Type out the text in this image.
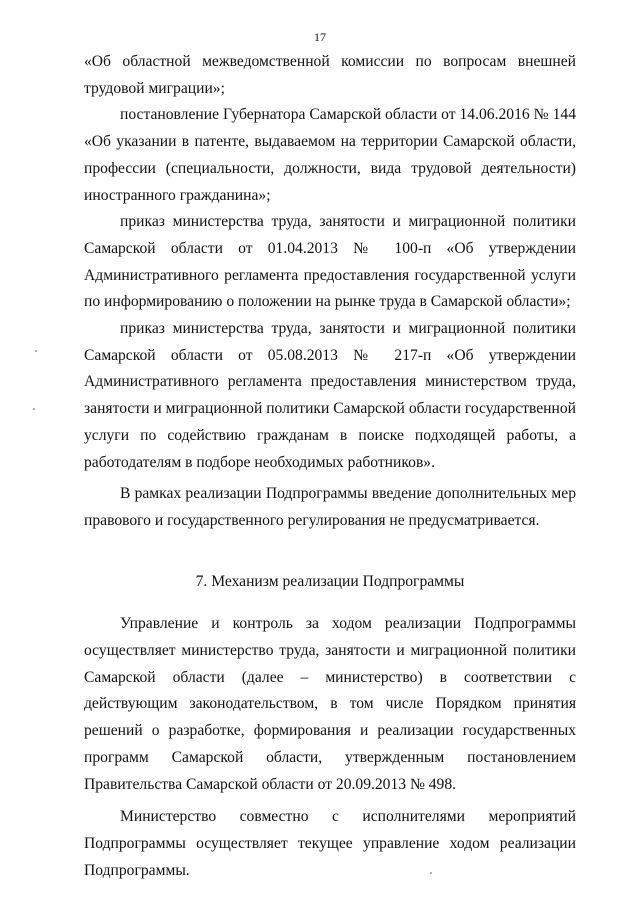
17

«Об областной межведомственной комиссии по вопросам внешней трудовой миграции»;

постановление Губернатора Самарской области от 14.06.2016 № 144 «Об указании в патенте, выдаваемом на территории Самарской области, профессии (специальности, должности, вида трудовой деятельности) иностранного гражданина»;

приказ министерства труда, занятости и миграционной политики Самарской области от 01.04.2013 № 100-п «Об утверждении Административного регламента предоставления государственной услуги по информированию о положении на рынке труда в Самарской области»;

приказ министерства труда, занятости и миграционной политики Самарской области от 05.08.2013 № 217-п «Об утверждении Административного регламента предоставления министерством труда, занятости и миграционной политики Самарской области государственной услуги по содействию гражданам в поиске подходящей работы, а работодателям в подборе необходимых работников».

В рамках реализации Подпрограммы введение дополнительных мер правового и государственного регулирования не предусматривается.

7. Механизм реализации Подпрограммы

Управление и контроль за ходом реализации Подпрограммы осуществляет министерство труда, занятости и миграционной политики Самарской области (далее – министерство) в соответствии с действующим законодательством, в том числе Порядком принятия решений о разработке, формирования и реализации государственных программ Самарской области, утвержденным постановлением Правительства Самарской области от 20.09.2013 № 498.

Министерство совместно с исполнителями мероприятий Подпрограммы осуществляет текущее управление ходом реализации Подпрограммы.
